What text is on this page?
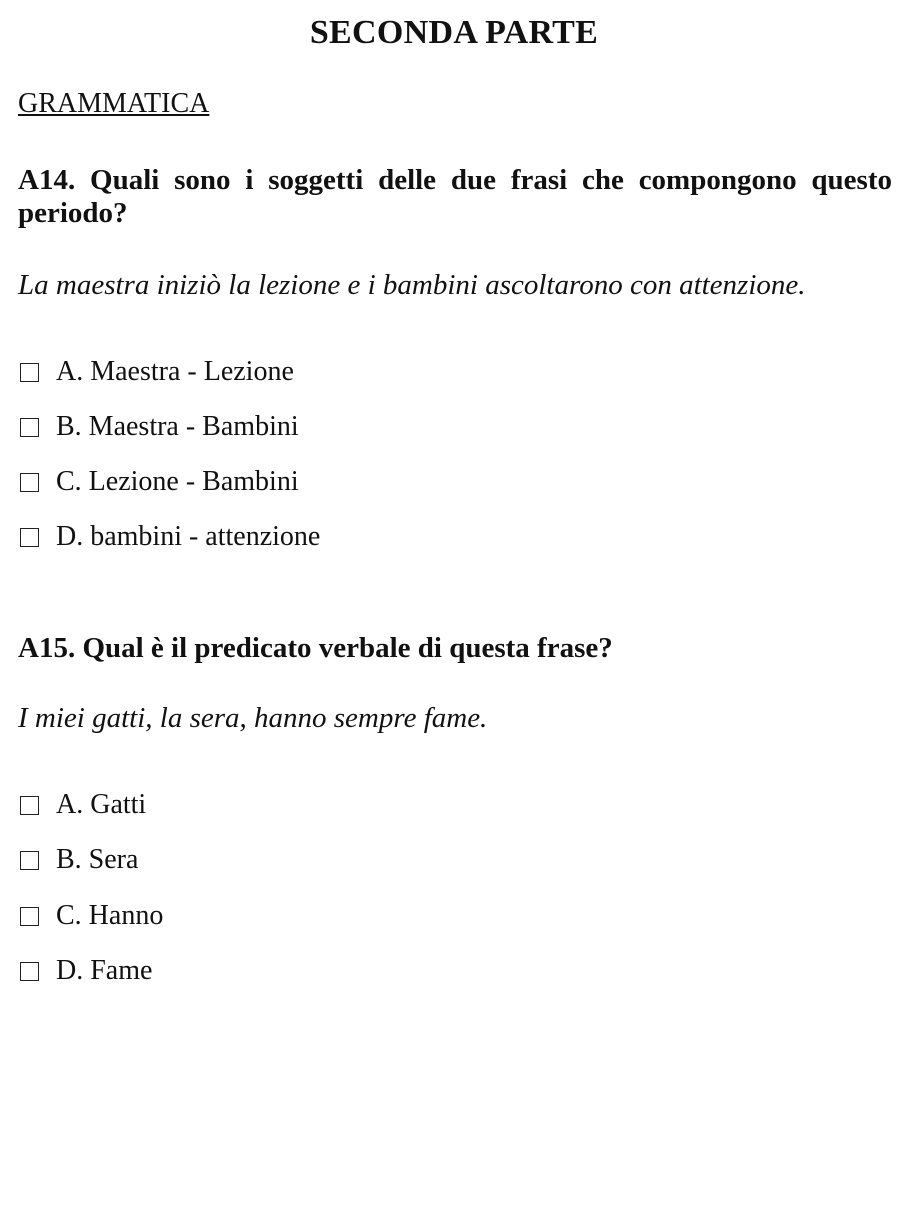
SECONDA PARTE
GRAMMATICA
A14. Quali sono i soggetti delle due frasi che compongono questo periodo?
La maestra iniziò la lezione e i bambini ascoltarono con attenzione.
A. Maestra - Lezione
B. Maestra - Bambini
C. Lezione - Bambini
D. bambini - attenzione
A15. Qual è il predicato verbale di questa frase?
I miei gatti, la sera, hanno sempre fame.
A. Gatti
B. Sera
C. Hanno
D. Fame
